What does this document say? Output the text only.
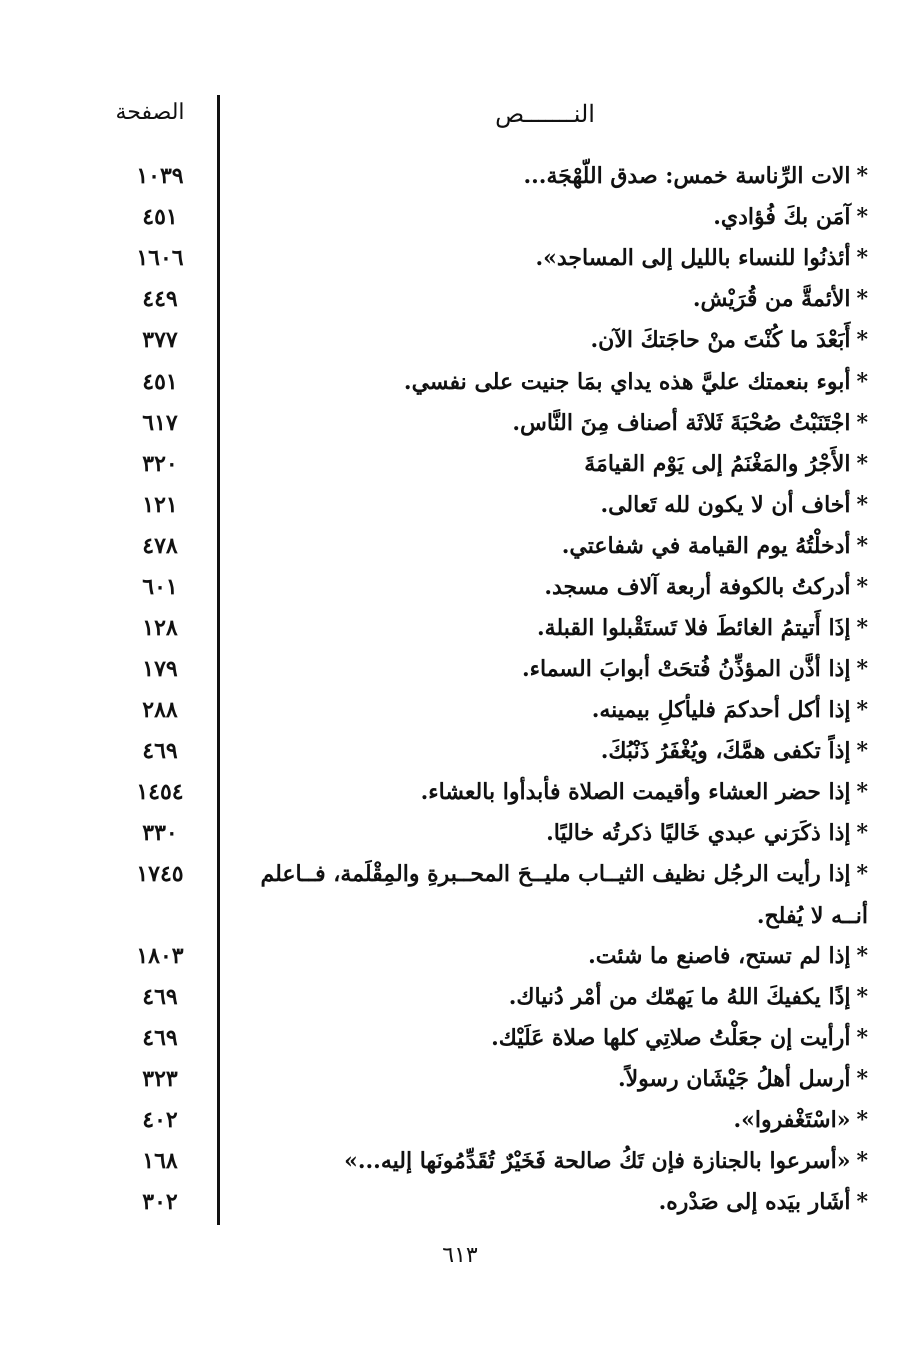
النـــــــص
الصفحة
*الات الرِّناسة خمس: صدق اللّهْجَة...
١٠٣٩
*آمَن بكَ فُؤادي.
٤٥١
*أئذنُوا للنساء بالليل إلى المساجد».
١٦٠٦
*الأئمةَّ من قُرَيْش.
٤٤٩
*أَبَعْدَ ما كُنْتَ منْ حاجَتكَ الآن.
٣٧٧
*أبوء بنعمتك عليَّ هذه يداي بمَا جنيت على نفسي.
٤٥١
*اجْتَنَبْتُ صُحْبَةَ ثَلاثَة أصناف مِنَ النَّاس.
٦١٧
*الأَجْرُ والمَغْنَمُ إلى يَوْم القيامَةَ
٣٢٠
*أخاف أن لا يكون لله تَعالى.
١٢١
*أدخلْتُهُ يوم القيامة في شفاعتي.
٤٧٨
*أدركتُ بالكوفة أربعة آلاف مسجد.
٦٠١
*إذَا أَتيتمُ الغائطَ فلا تَستَقْبلوا القبلة.
١٢٨
*إذا أذَّن المؤذِّنُ فُتحَتْ أبوابَ السماء.
١٧٩
*إذا أكل أحدكمَ فليأكلِ بيمينه.
٢٨٨
*إذاً تكفى همَّكَ، ويُغْفَرُ ذَنْبُكَ.
٤٦٩
*إذا حضر العشاء وأقيمت الصلاة فأبدأوا بالعشاء.
١٤٥٤
*إذا ذكَرَني عبدي خَاليًا ذكرتُه خاليًا.
٣٣٠
*إذا رأيت الرجُل نظيف الثيــاب مليــحَ المحــبرةِ والمِقْلَمة، فــاعلم أنــه لا يُفلح.
١٧٤٥
*إذا لم تستح، فاصنع ما شئت.
١٨٠٣
*إذًا يكفيكَ اللهُ ما يَهمّك من أمْر دُنياك.
٤٦٩
*أرأيت إن جعَلْتُ صلاتِي كلها صلاة عَلَيْك.
٤٦٩
*أرسل أهلُ جَيْشَان رسولاً.
٣٢٣
*«اسْتَغْفروا».
٤٠٢
*«أسرعوا بالجنازة فإن تَكُ صالحة فَخَيْرٌ تُقَدِّمُونَها إليه...»
١٦٨
*أشَار بيَده إلى صَدْره.
٣٠٢
٦١٣
